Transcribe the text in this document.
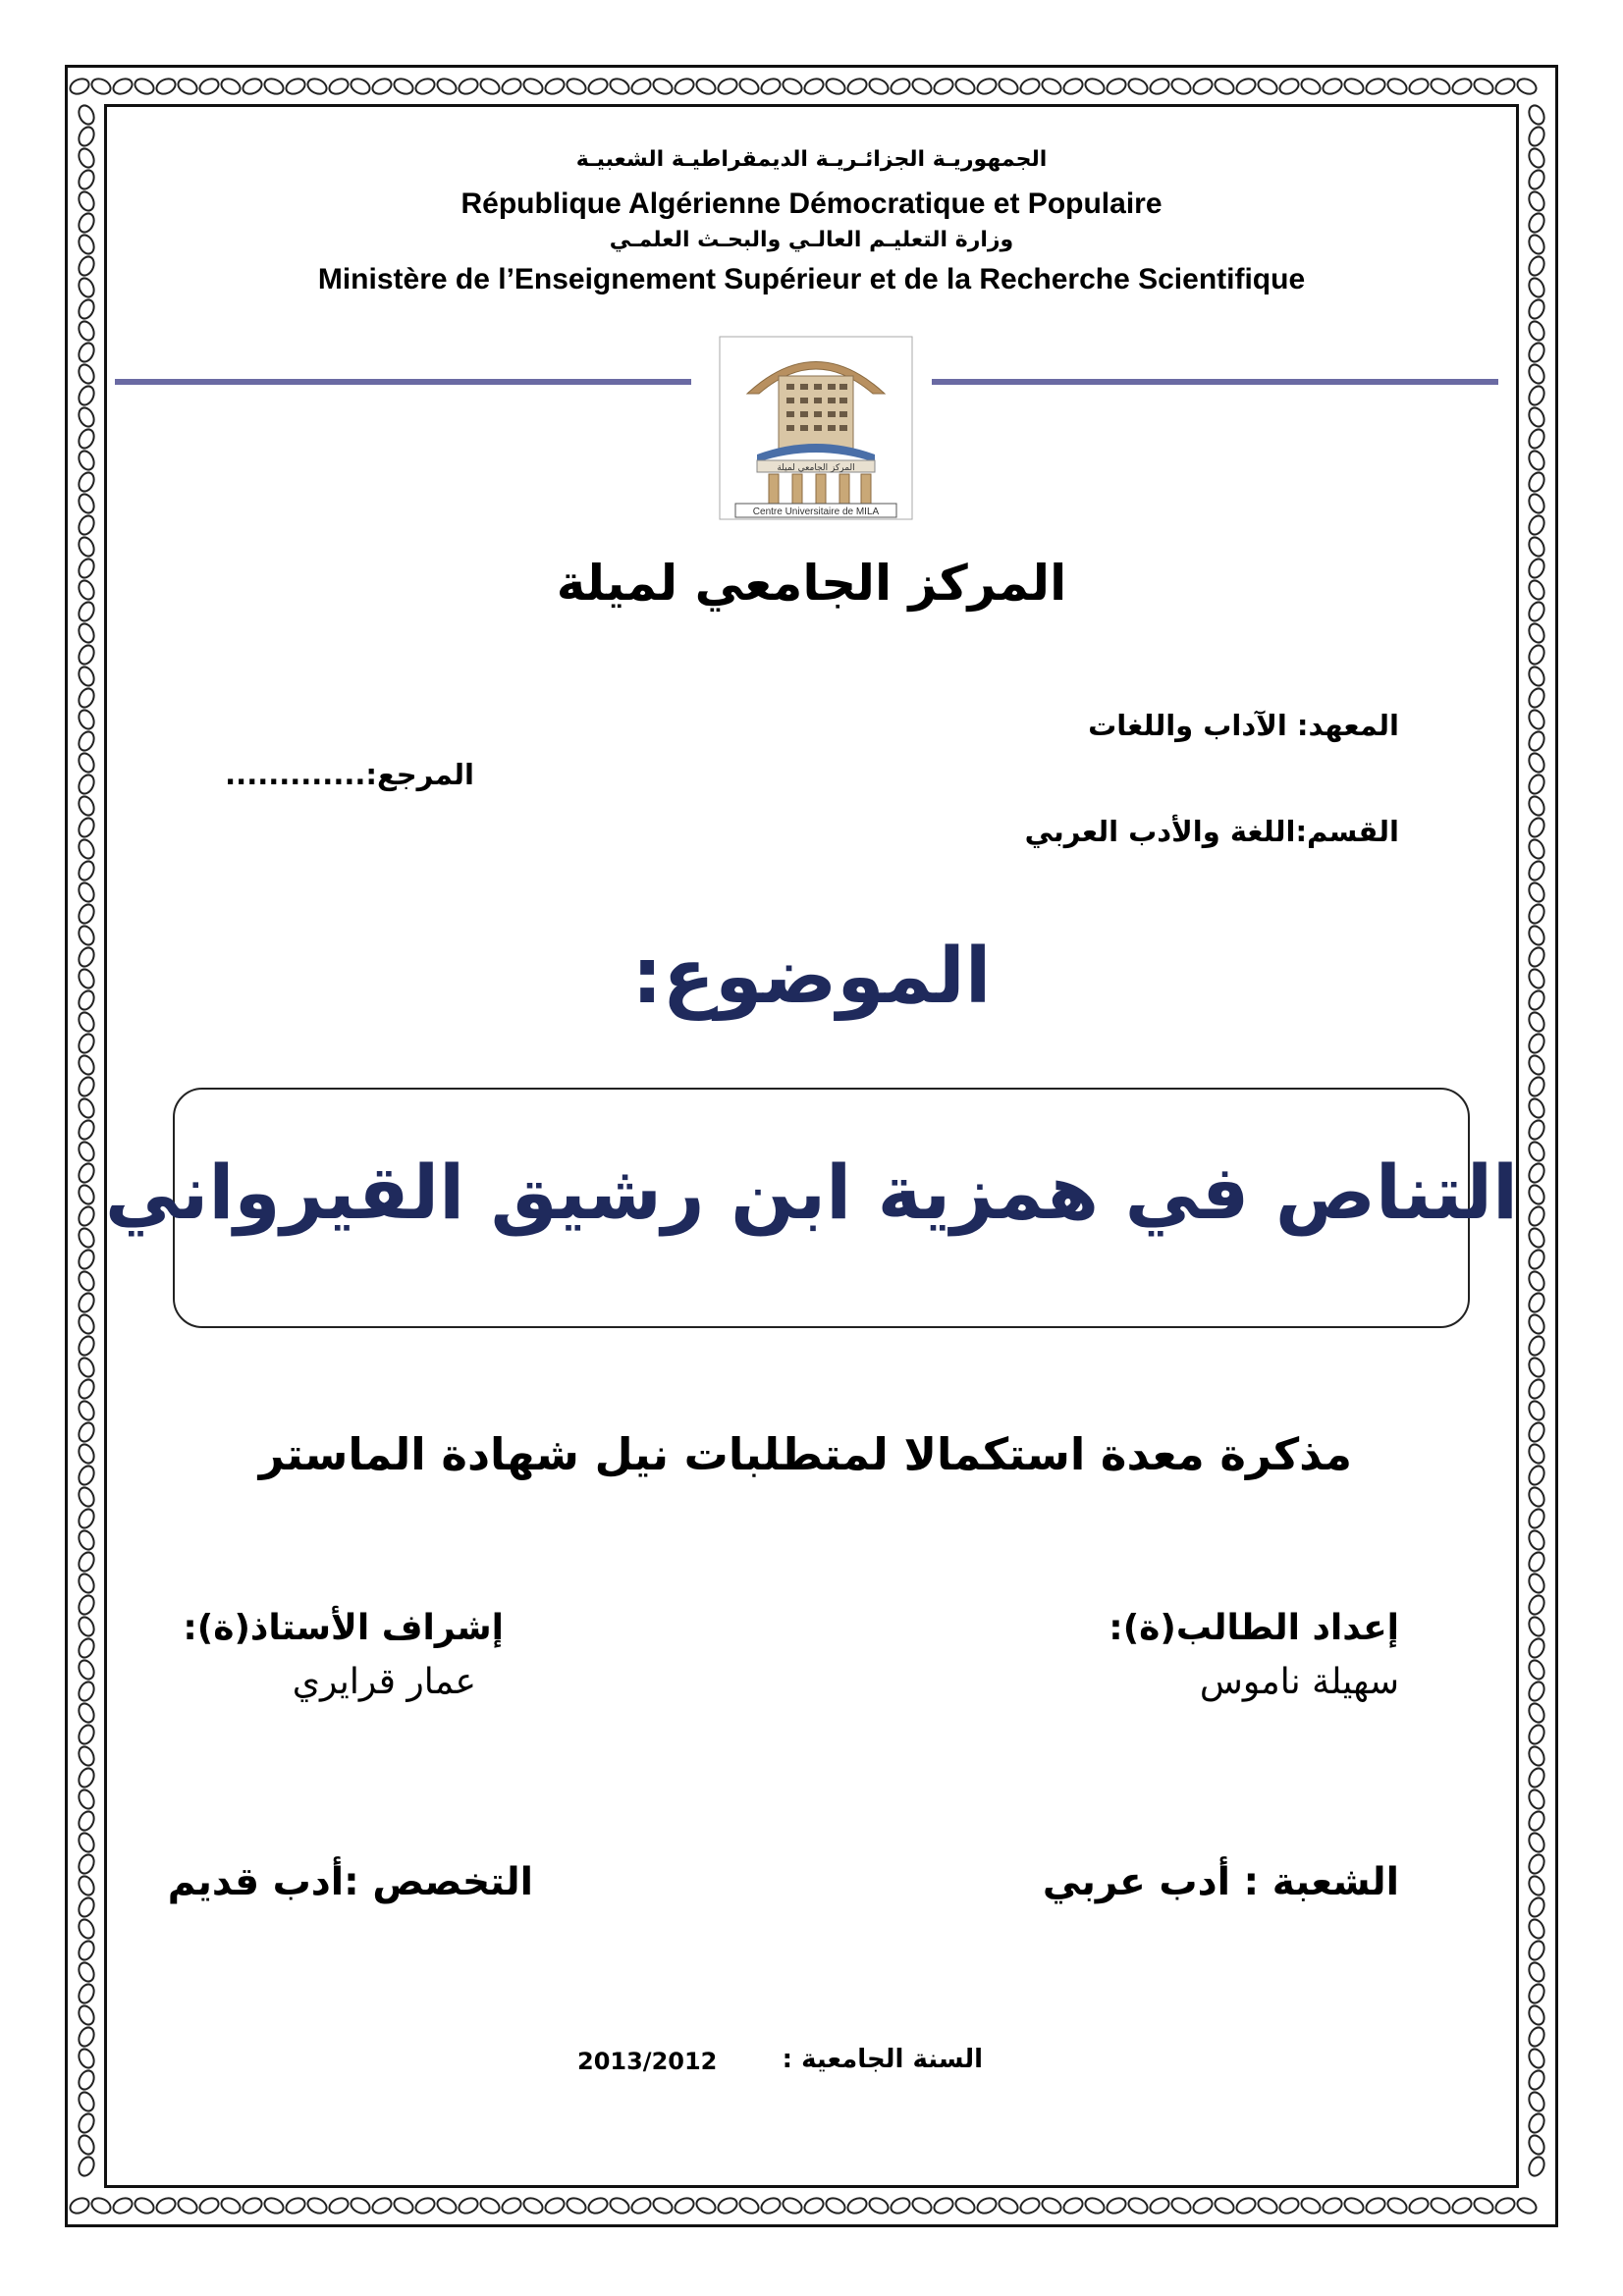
الجمهوريـة الجزائـريـة الديمقراطيـة الشعبيـة
République Algérienne Démocratique et Populaire
وزارة التعليـم العالـي والبحـث العلمـي
Ministère de l’Enseignement Supérieur et de la Recherche Scientifique
المركز الجامعي لميلة
Centre Universitaire de MILA
المركز الجامعي لميلة
المعهد: الآداب واللغات
المرجع:.............
القسم:اللغة والأدب العربي
الموضوع:
التناص في همزية ابن رشيق القيرواني
مذكرة معدة استكمالا لمتطلبات نيل شهادة الماستر
إعداد الطالب(ة):
سهيلة ناموس
إشراف الأستاذ(ة):
عمار قرايري
الشعبة : أدب عربي
التخصص :أدب قديم
السنة الجامعية :
2013/2012
